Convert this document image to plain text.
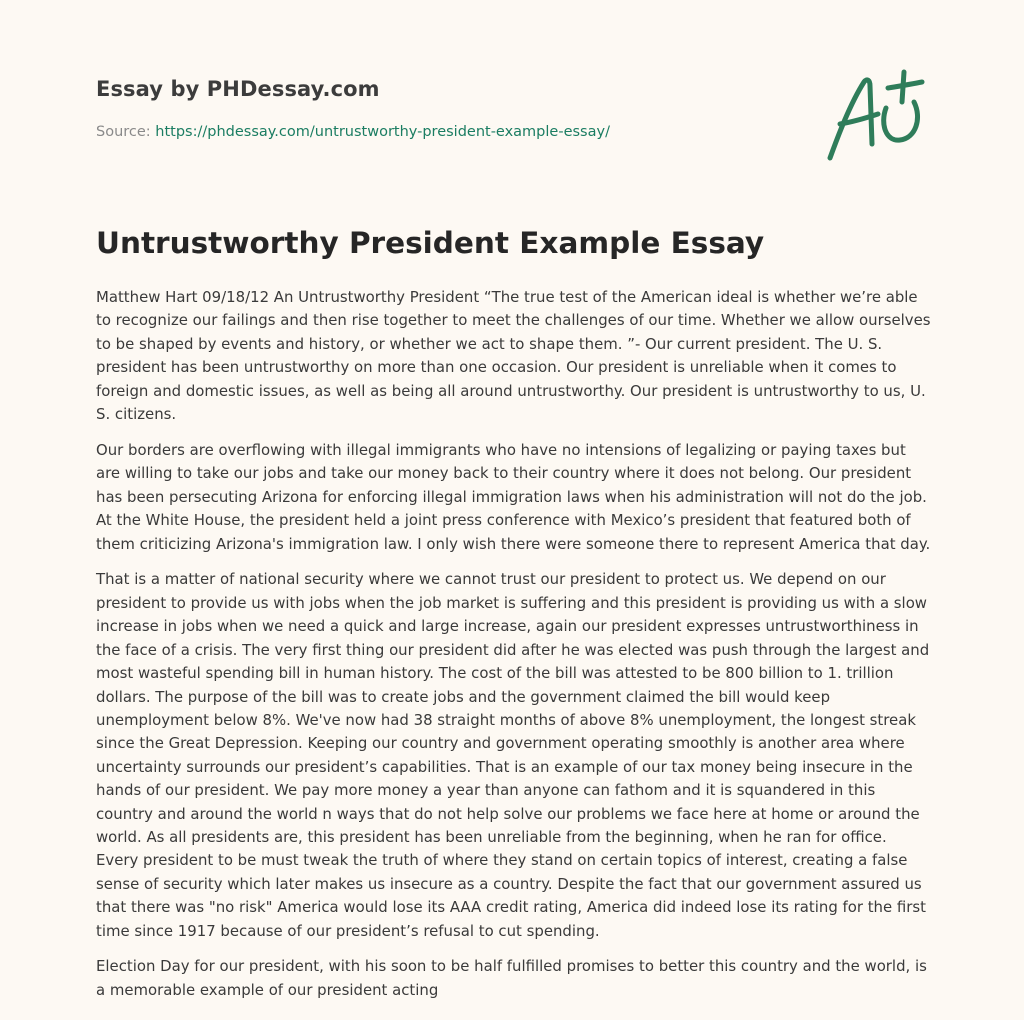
Essay by PHDessay.com
Source: https://phdessay.com/untrustworthy-president-example-essay/
Untrustworthy President Example Essay

Matthew Hart 09/18/12 An Untrustworthy President “The true test of the American ideal is whether we’re able to recognize our failings and then rise together to meet the challenges of our time. Whether we allow ourselves to be shaped by events and history, or whether we act to shape them. ”- Our current president. The U. S. president has been untrustworthy on more than one occasion. Our president is unreliable when it comes to foreign and domestic issues, as well as being all around untrustworthy. Our president is untrustworthy to us, U. S. citizens.

Our borders are overflowing with illegal immigrants who have no intensions of legalizing or paying taxes but are willing to take our jobs and take our money back to their country where it does not belong. Our president has been persecuting Arizona for enforcing illegal immigration laws when his administration will not do the job. At the White House, the president held a joint press conference with Mexico’s president that featured both of them criticizing Arizona's immigration law. I only wish there were someone there to represent America that day.

That is a matter of national security where we cannot trust our president to protect us. We depend on our president to provide us with jobs when the job market is suffering and this president is providing us with a slow increase in jobs when we need a quick and large increase, again our president expresses untrustworthiness in the face of a crisis. The very first thing our president did after he was elected was push through the largest and most wasteful spending bill in human history. The cost of the bill was attested to be 800 billion to 1. trillion dollars. The purpose of the bill was to create jobs and the government claimed the bill would keep unemployment below 8%. We've now had 38 straight months of above 8% unemployment, the longest streak since the Great Depression. Keeping our country and government operating smoothly is another area where uncertainty surrounds our president’s capabilities. That is an example of our tax money being insecure in the hands of our president. We pay more money a year than anyone can fathom and it is squandered in this country and around the world n ways that do not help solve our problems we face here at home or around the world. As all presidents are, this president has been unreliable from the beginning, when he ran for office. Every president to be must tweak the truth of where they stand on certain topics of interest, creating a false sense of security which later makes us insecure as a country. Despite the fact that our government assured us that there was "no risk" America would lose its AAA credit rating, America did indeed lose its rating for the first time since 1917 because of our president’s refusal to cut spending.

Election Day for our president, with his soon to be half fulfilled promises to better this country and the world, is a memorable example of our president acting
